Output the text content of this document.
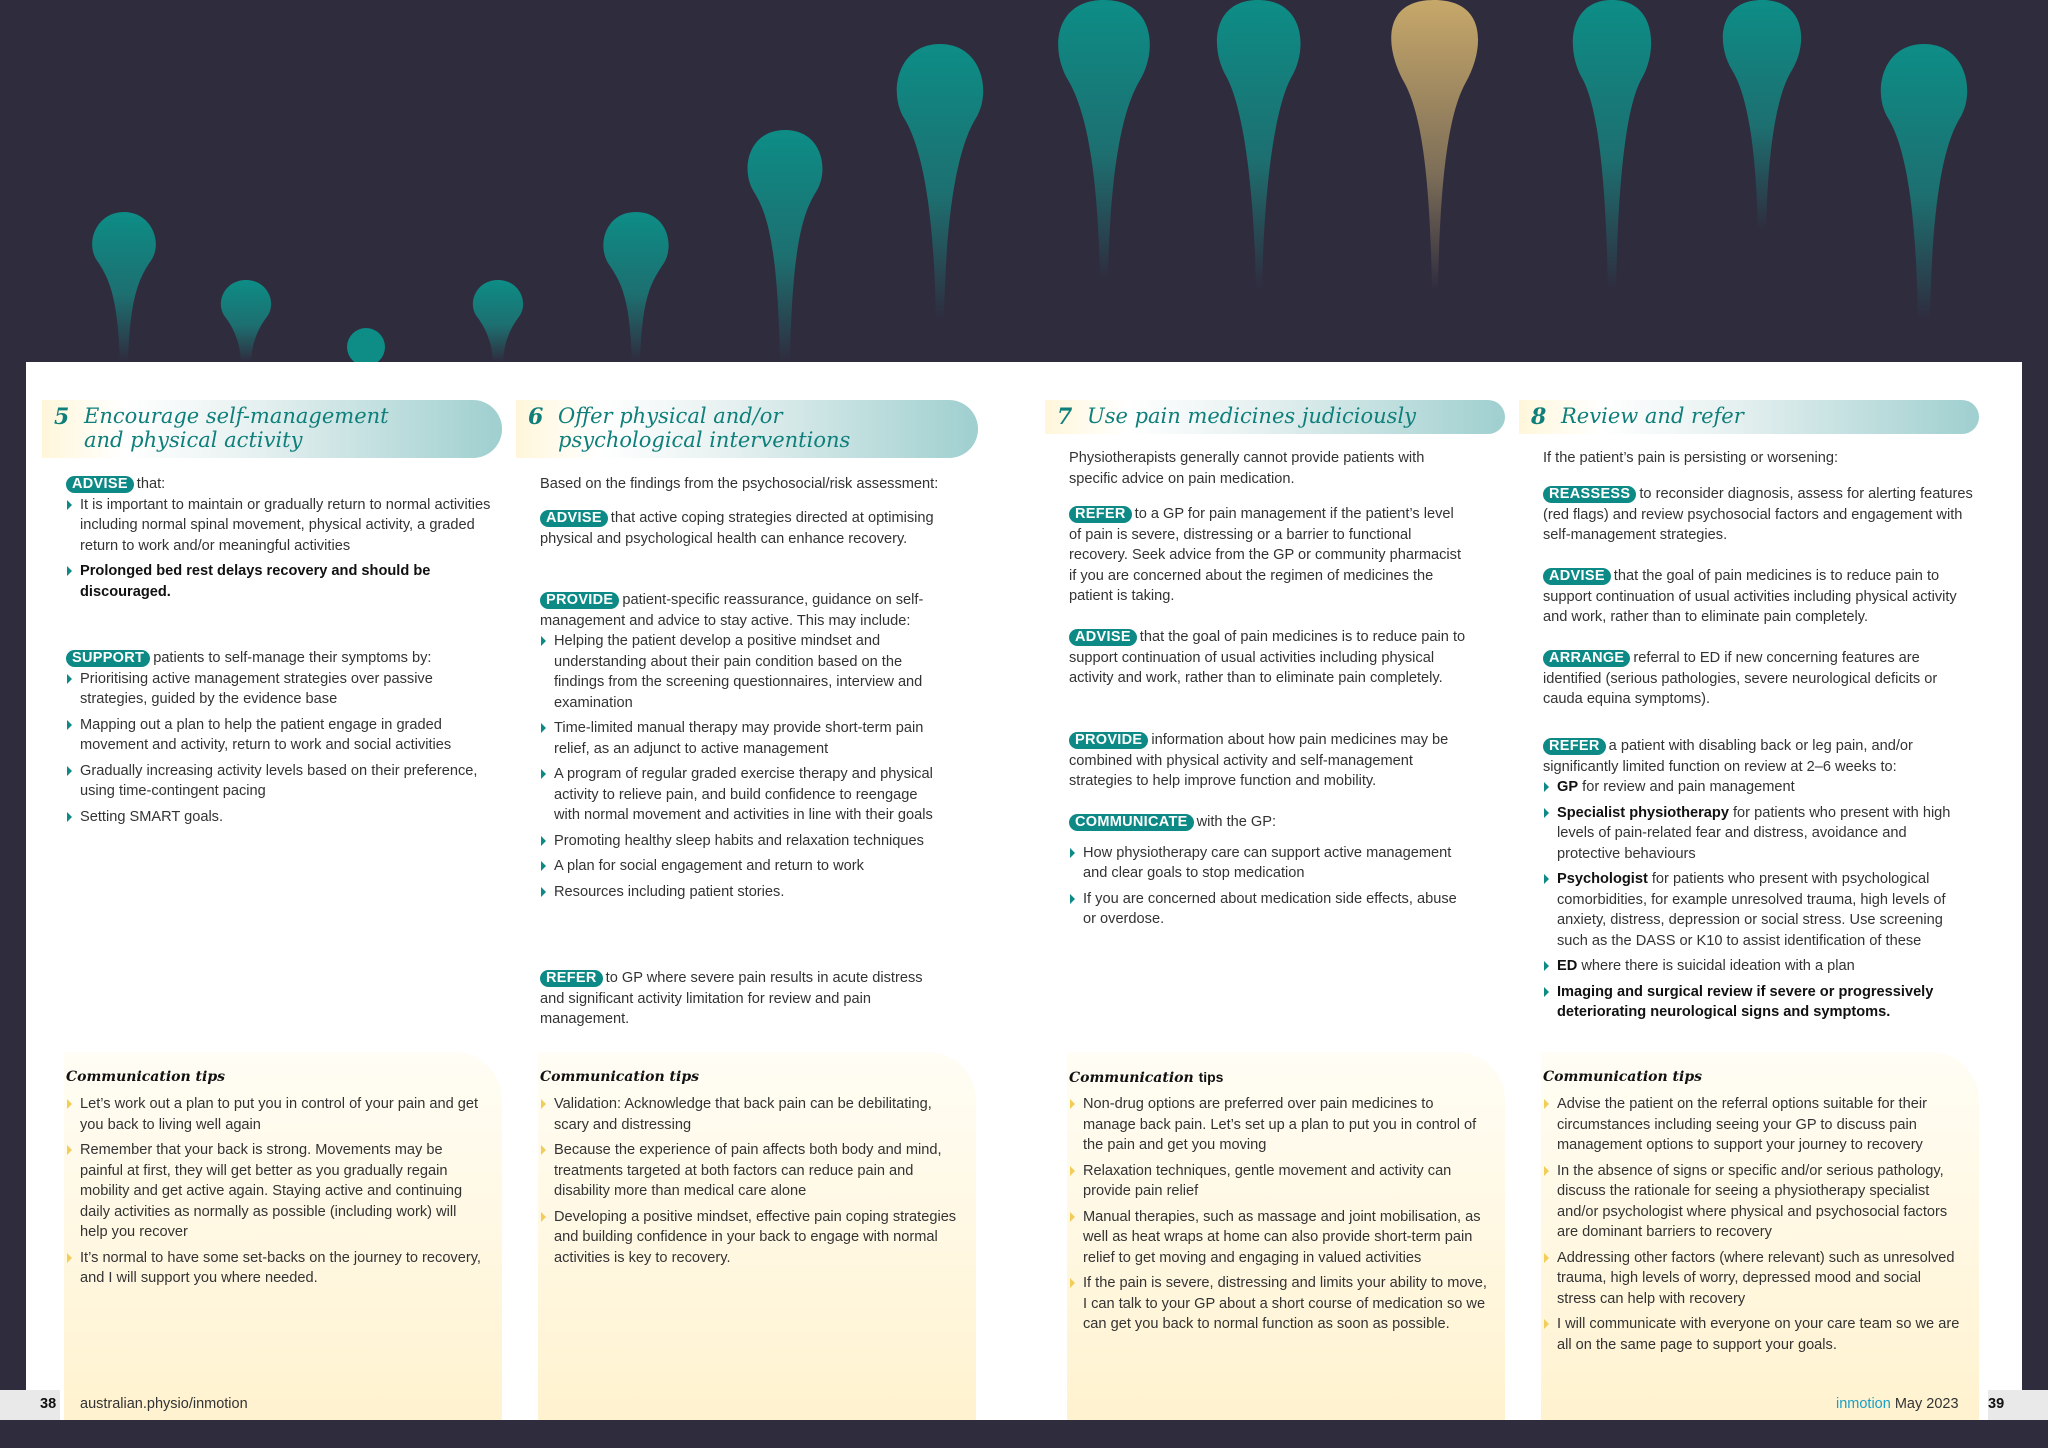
5 Encourage self-management
and physical activity
6 Offer physical and/or
psychological interventions
7 Use pain medicines judiciously	8 Review and refer
ADVISE that:
It is important to maintain or gradually return to normal activities including normal spinal movement, physical activity, a graded return to work and/or meaningful activities
Prolonged bed rest delays recovery and should be discouraged.
SUPPORT patients to self-manage their symptoms by:
Prioritising active management strategies over passive strategies, guided by the evidence base
Mapping out a plan to help the patient engage in graded movement and activity, return to work and social activities
Gradually increasing activity levels based on their preference, using time-contingent pacing
Setting SMART goals.
Based on the findings from the psychosocial/risk assessment:
ADVISE that active coping strategies directed at optimising physical and psychological health can enhance recovery.
PROVIDE patient-specific reassurance, guidance on self-management and advice to stay active. This may include:
Helping the patient develop a positive mindset and understanding about their pain condition based on the findings from the screening questionnaires, interview and examination
Time-limited manual therapy may provide short-term pain relief, as an adjunct to active management
A program of regular graded exercise therapy and physical activity to relieve pain, and build confidence to reengage with normal movement and activities in line with their goals
Promoting healthy sleep habits and relaxation techniques
A plan for social engagement and return to work
Resources including patient stories.
REFER to GP where severe pain results in acute distress and significant activity limitation for review and pain management.
Physiotherapists generally cannot provide patients with specific advice on pain medication.
REFER to a GP for pain management if the patient’s level of pain is severe, distressing or a barrier to functional recovery. Seek advice from the GP or community pharmacist if you are concerned about the regimen of medicines the patient is taking.
ADVISE that the goal of pain medicines is to reduce pain to support continuation of usual activities including physical activity and work, rather than to eliminate pain completely.
PROVIDE information about how pain medicines may be combined with physical activity and self-management strategies to help improve function and mobility.
COMMUNICATE with the GP:
How physiotherapy care can support active management and clear goals to stop medication
If you are concerned about medication side effects, abuse or overdose.
If the patient’s pain is persisting or worsening:
REASSESS to reconsider diagnosis, assess for alerting features (red flags) and review psychosocial factors and engagement with self-management strategies.
ADVISE that the goal of pain medicines is to reduce pain to support continuation of usual activities including physical activity and work, rather than to eliminate pain completely.
ARRANGE referral to ED if new concerning features are identified (serious pathologies, severe neurological deficits or cauda equina symptoms).
REFER a patient with disabling back or leg pain, and/or significantly limited function on review at 2–6 weeks to:
GP for review and pain management
Specialist physiotherapy for patients who present with high levels of pain-related fear and distress, avoidance and protective behaviours
Psychologist for patients who present with psychological comorbidities, for example unresolved trauma, high levels of anxiety, distress, depression or social stress. Use screening such as the DASS or K10 to assist identification of these
ED where there is suicidal ideation with a plan
Imaging and surgical review if severe or progressively deteriorating neurological signs and symptoms.
Communication tips
Let’s work out a plan to put you in control of your pain and get you back to living well again
Remember that your back is strong. Movements may be painful at first, they will get better as you gradually regain mobility and get active again. Staying active and continuing daily activities as normally as possible (including work) will help you recover
It’s normal to have some set-backs on the journey to recovery, and I will support you where needed.
Communication tips
Validation: Acknowledge that back pain can be debilitating, scary and distressing
Because the experience of pain affects both body and mind, treatments targeted at both factors can reduce pain and disability more than medical care alone
Developing a positive mindset, effective pain coping strategies and building confidence in your back to engage with normal activities is key to recovery.
Communication tips
Non-drug options are preferred over pain medicines to manage back pain. Let’s set up a plan to put you in control of the pain and get you moving
Relaxation techniques, gentle movement and activity can provide pain relief
Manual therapies, such as massage and joint mobilisation, as well as heat wraps at home can also provide short-term pain relief to get moving and engaging in valued activities
If the pain is severe, distressing and limits your ability to move, I can talk to your GP about a short course of medication so we can get you back to normal function as soon as possible.
Communication tips
Advise the patient on the referral options suitable for their circumstances including seeing your GP to discuss pain management options to support your journey to recovery
In the absence of signs or specific and/or serious pathology, discuss the rationale for seeing a physiotherapy specialist and/or psychologist where physical and psychosocial factors are dominant barriers to recovery
Addressing other factors (where relevant) such as unresolved trauma, high levels of worry, depressed mood and social stress can help with recovery
I will communicate with everyone on your care team so we are all on the same page to support your goals.
38 australian.physio/inmotion	inmotion May 2023 39
